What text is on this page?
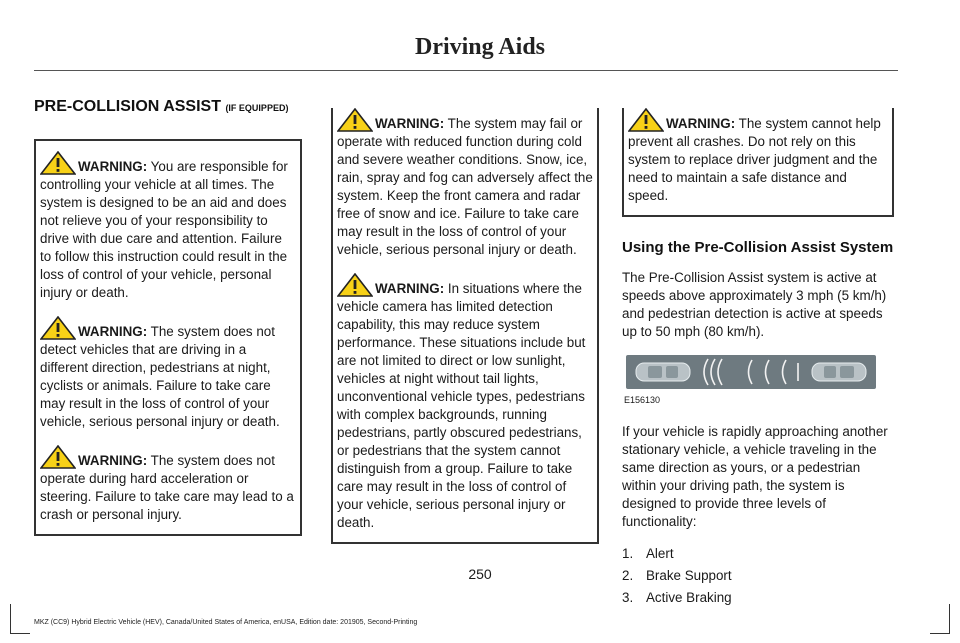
Driving Aids
PRE-COLLISION ASSIST (IF EQUIPPED)
WARNING: You are responsible for controlling your vehicle at all times. The system is designed to be an aid and does not relieve you of your responsibility to drive with due care and attention. Failure to follow this instruction could result in the loss of control of your vehicle, personal injury or death.
WARNING: The system does not detect vehicles that are driving in a different direction, pedestrians at night, cyclists or animals. Failure to take care may result in the loss of control of your vehicle, serious personal injury or death.
WARNING: The system does not operate during hard acceleration or steering. Failure to take care may lead to a crash or personal injury.
WARNING: The system may fail or operate with reduced function during cold and severe weather conditions. Snow, ice, rain, spray and fog can adversely affect the system. Keep the front camera and radar free of snow and ice. Failure to take care may result in the loss of control of your vehicle, serious personal injury or death.
WARNING: In situations where the vehicle camera has limited detection capability, this may reduce system performance. These situations include but are not limited to direct or low sunlight, vehicles at night without tail lights, unconventional vehicle types, pedestrians with complex backgrounds, running pedestrians, partly obscured pedestrians, or pedestrians that the system cannot distinguish from a group. Failure to take care may result in the loss of control of your vehicle, serious personal injury or death.
WARNING: The system cannot help prevent all crashes. Do not rely on this system to replace driver judgment and the need to maintain a safe distance and speed.
Using the Pre-Collision Assist System

The Pre-Collision Assist system is active at speeds above approximately 3 mph (5 km/h) and pedestrian detection is active at speeds up to 50 mph (80 km/h).

E156130

If your vehicle is rapidly approaching another stationary vehicle, a vehicle traveling in the same direction as yours, or a pedestrian within your driving path, the system is designed to provide three levels of functionality:

1. Alert
2. Brake Support
3. Active Braking
250
MKZ (CC9) Hybrid Electric Vehicle (HEV), Canada/United States of America, enUSA, Edition date: 201905, Second-Printing
